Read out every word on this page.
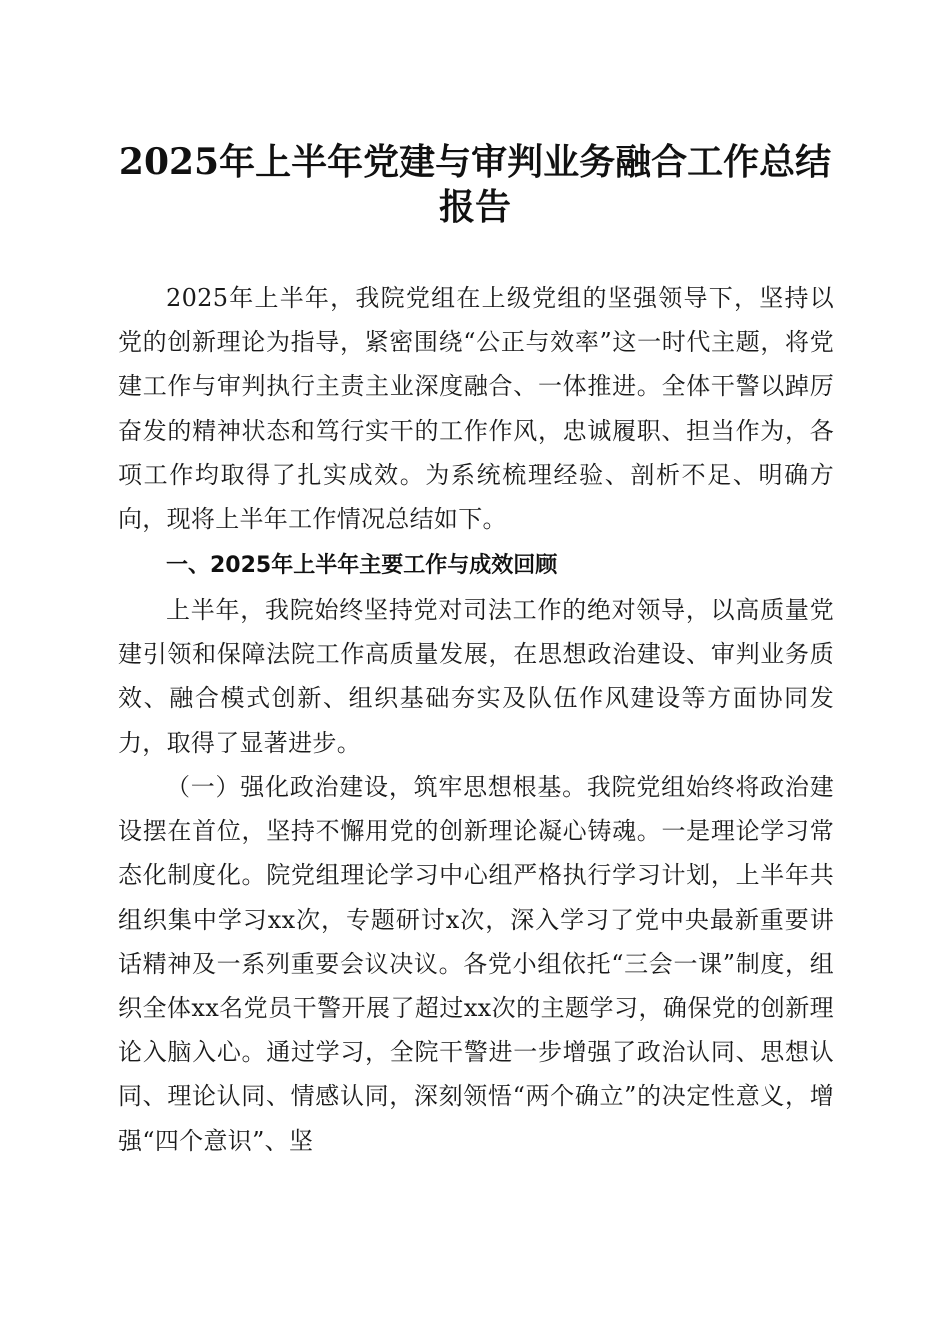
2025年上半年党建与审判业务融合工作总结
报告

2025年上半年，我院党组在上级党组的坚强领导下，坚持以党的创新理论为指导，紧密围绕“公正与效率”这一时代主题，将党建工作与审判执行主责主业深度融合、一体推进。全体干警以踔厉奋发的精神状态和笃行实干的工作作风，忠诚履职、担当作为，各项工作均取得了扎实成效。为系统梳理经验、剖析不足、明确方向，现将上半年工作情况总结如下。

一、2025年上半年主要工作与成效回顾

上半年，我院始终坚持党对司法工作的绝对领导，以高质量党建引领和保障法院工作高质量发展，在思想政治建设、审判业务质效、融合模式创新、组织基础夯实及队伍作风建设等方面协同发力，取得了显著进步。

（一）强化政治建设，筑牢思想根基。我院党组始终将政治建设摆在首位，坚持不懈用党的创新理论凝心铸魂。一是理论学习常态化制度化。院党组理论学习中心组严格执行学习计划，上半年共组织集中学习xx次，专题研讨x次，深入学习了党中央最新重要讲话精神及一系列重要会议决议。各党小组依托“三会一课”制度，组织全体xx名党员干警开展了超过xx次的主题学习，确保党的创新理论入脑入心。通过学习，全院干警进一步增强了政治认同、思想认同、理论认同、情感认同，深刻领悟“两个确立”的决定性意义，增强“四个意识”、坚
